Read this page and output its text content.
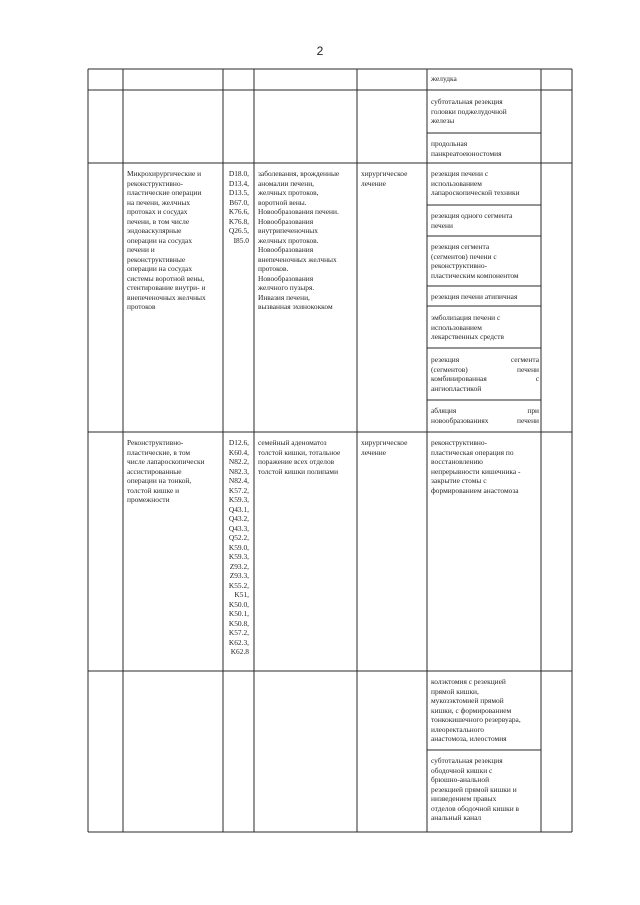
2
желудка
субтотальная резекция
головки поджелудочной
железы
продольная
панкреатоеюностомия
Микрохирургические и
реконструктивно-
пластические операции
на печени, желчных
протоках и сосудах
печени, в том числе
эндоваскулярные
операции на сосудах
печени и
реконструктивные
операции на сосудах
системы воротной вены,
стентирование внутри- и
внепеченочных желчных
протоков
D18.0,
D13.4,
D13.5,
B67.0,
K76.6,
K76.8,
Q26.5,
I85.0
заболевания, врожденные
аномалии печени,
желчных протоков,
воротной вены.
Новообразования печени.
Новообразования
внутрипеченочных
желчных протоков.
Новообразования
внепеченочных желчных
протоков.
Новообразования
желчного пузыря.
Инвазия печени,
вызванная эхинококком
хирургическое
лечение
резекция печени с
использованием
лапароскопической техники
резекция одного сегмента
печени
резекция сегмента
(сегментов) печени с
реконструктивно-
пластическим компонентом
резекция печени атипичная
эмболизация печени с
использованием
лекарственных средств
резекция сегмента
(сегментов) печени
комбинированная с
ангиопластикой
абляция при
новообразованиях печени
Реконструктивно-
пластические, в том
числе лапароскопически
ассистированные
операции на тонкой,
толстой кишке и
промежности
D12.6,
K60.4,
N82.2,
N82.3,
N82.4,
K57.2,
K59.3,
Q43.1,
Q43.2,
Q43.3,
Q52.2,
K59.0,
K59.3,
Z93.2,
Z93.3,
K55.2,
K51,
K50.0,
K50.1,
K50.8,
K57.2,
K62.3,
K62.8
семейный аденоматоз
толстой кишки, тотальное
поражение всех отделов
толстой кишки полипами
хирургическое
лечение
реконструктивно-
пластическая операция по
восстановлению
непрерывности кишечника -
закрытие стомы с
формированием анастомоза
колэктомия с резекцией
прямой кишки,
мукозэктомией прямой
кишки, с формированием
тонкокишечного резервуара,
илеоректального
анастомоза, илеостомия
субтотальная резекция
ободочной кишки с
брюшно-анальной
резекцией прямой кишки и
низведением правых
отделов ободочной кишки в
анальный канал
